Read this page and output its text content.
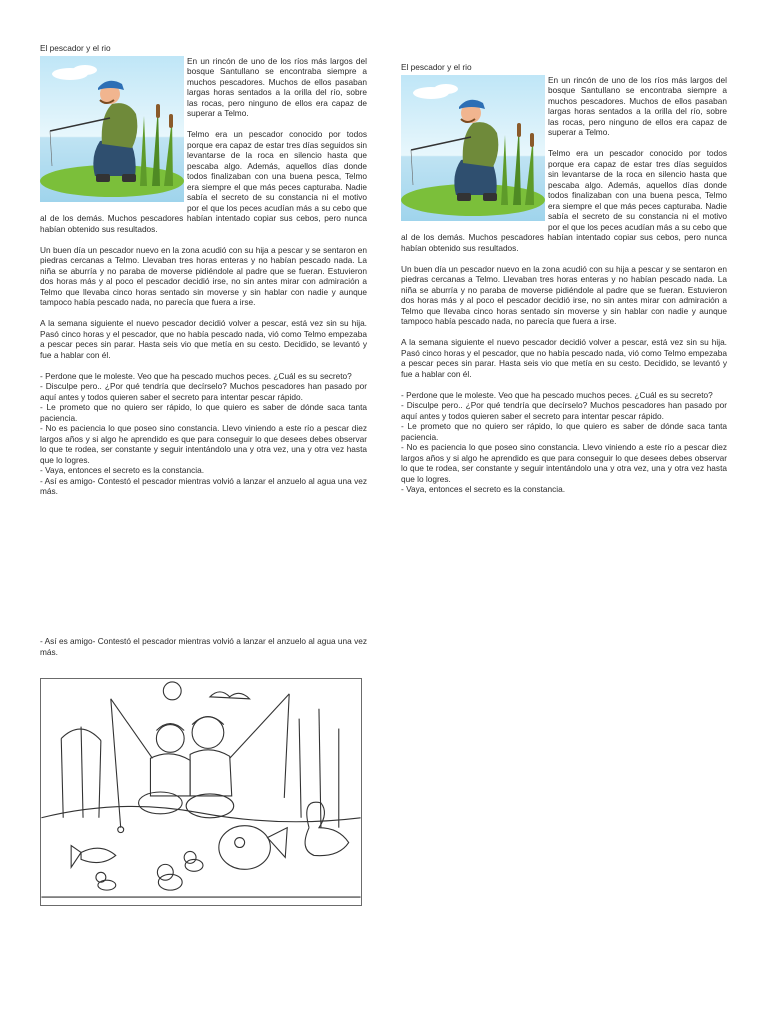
El pescador y el rio

En un rincón de uno de los ríos más largos del bosque Santullano se encontraba siempre a muchos pescadores. Muchos de ellos pasaban largas horas sentados a la orilla del río, sobre las rocas, pero ninguno de ellos era capaz de superar a Telmo.

Telmo era un pescador conocido por todos porque era capaz de estar tres días seguidos sin levantarse de la roca en silencio hasta que pescaba algo. Además, aquellos días donde todos finalizaban con una buena pesca, Telmo era siempre el que más peces capturaba. Nadie sabía el secreto de su constancia ni el motivo por el que los peces acudían más a su cebo que al de los demás. Muchos pescadores habían intentado copiar sus cebos, pero nunca habían obtenido sus resultados.

Un buen día un pescador nuevo en la zona acudió con su hija a pescar y se sentaron en piedras cercanas a Telmo. Llevaban tres horas enteras y no habían pescado nada. La niña se aburría y no paraba de moverse pidiéndole al padre que se fueran. Estuvieron dos horas más y al poco el pescador decidió irse, no sin antes mirar con admiración a Telmo que llevaba cinco horas sentado sin moverse y sin hablar con nadie y aunque tampoco había pescado nada, no parecía que fuera a irse.

A la semana siguiente el nuevo pescador decidió volver a pescar, está vez sin su hija. Pasó cinco horas y el pescador, que no había pescado nada, vió como Telmo empezaba a pescar peces sin parar. Hasta seis vio que metía en su cesto. Decidido, se levantó y fue a hablar con él.

- Perdone que le moleste. Veo que ha pescado muchos peces. ¿Cuál es su secreto?

- Disculpe pero.. ¿Por qué tendría que decírselo? Muchos pescadores han pasado por aquí antes y todos quieren saber el secreto para intentar pescar rápido.

- Le prometo que no quiero ser rápido, lo que quiero es saber de dónde saca tanta paciencia.

- No es paciencia lo que poseo sino constancia. Llevo viniendo a este río a pescar diez largos años y si algo he aprendido es que para conseguir lo que desees debes observar lo que te rodea, ser constante y seguir intentándolo una y otra vez, una y otra vez hasta que lo logres.

- Vaya, entonces el secreto es la constancia.

- Así es amigo- Contestó el pescador mientras volvió a lanzar el anzuelo al agua una vez más.

- Así es amigo- Contestó el pescador mientras volvió a lanzar el anzuelo al agua una vez más.

El pescador y el rio

En un rincón de uno de los ríos más largos del bosque Santullano se encontraba siempre a muchos pescadores. Muchos de ellos pasaban largas horas sentados a la orilla del río, sobre las rocas, pero ninguno de ellos era capaz de superar a Telmo.

Telmo era un pescador conocido por todos porque era capaz de estar tres días seguidos sin levantarse de la roca en silencio hasta que pescaba algo. Además, aquellos días donde todos finalizaban con una buena pesca, Telmo era siempre el que más peces capturaba. Nadie sabía el secreto de su constancia ni el motivo por el que los peces acudían más a su cebo que al de los demás. Muchos pescadores habían intentado copiar sus cebos, pero nunca habían obtenido sus resultados.

Un buen día un pescador nuevo en la zona acudió con su hija a pescar y se sentaron en piedras cercanas a Telmo. Llevaban tres horas enteras y no habían pescado nada. La niña se aburría y no paraba de moverse pidiéndole al padre que se fueran. Estuvieron dos horas más y al poco el pescador decidió irse, no sin antes mirar con admiración a Telmo que llevaba cinco horas sentado sin moverse y sin hablar con nadie y aunque tampoco había pescado nada, no parecía que fuera a irse.

A la semana siguiente el nuevo pescador decidió volver a pescar, está vez sin su hija. Pasó cinco horas y el pescador, que no había pescado nada, vió como Telmo empezaba a pescar peces sin parar. Hasta seis vio que metía en su cesto. Decidido, se levantó y fue a hablar con él.

- Perdone que le moleste. Veo que ha pescado muchos peces. ¿Cuál es su secreto?

- Disculpe pero.. ¿Por qué tendría que decírselo? Muchos pescadores han pasado por aquí antes y todos quieren saber el secreto para intentar pescar rápido.

- Le prometo que no quiero ser rápido, lo que quiero es saber de dónde saca tanta paciencia.

- No es paciencia lo que poseo sino constancia. Llevo viniendo a este río a pescar diez largos años y si algo he aprendido es que para conseguir lo que desees debes observar lo que te rodea, ser constante y seguir intentándolo una y otra vez, una y otra vez hasta que lo logres.

- Vaya, entonces el secreto es la constancia.
